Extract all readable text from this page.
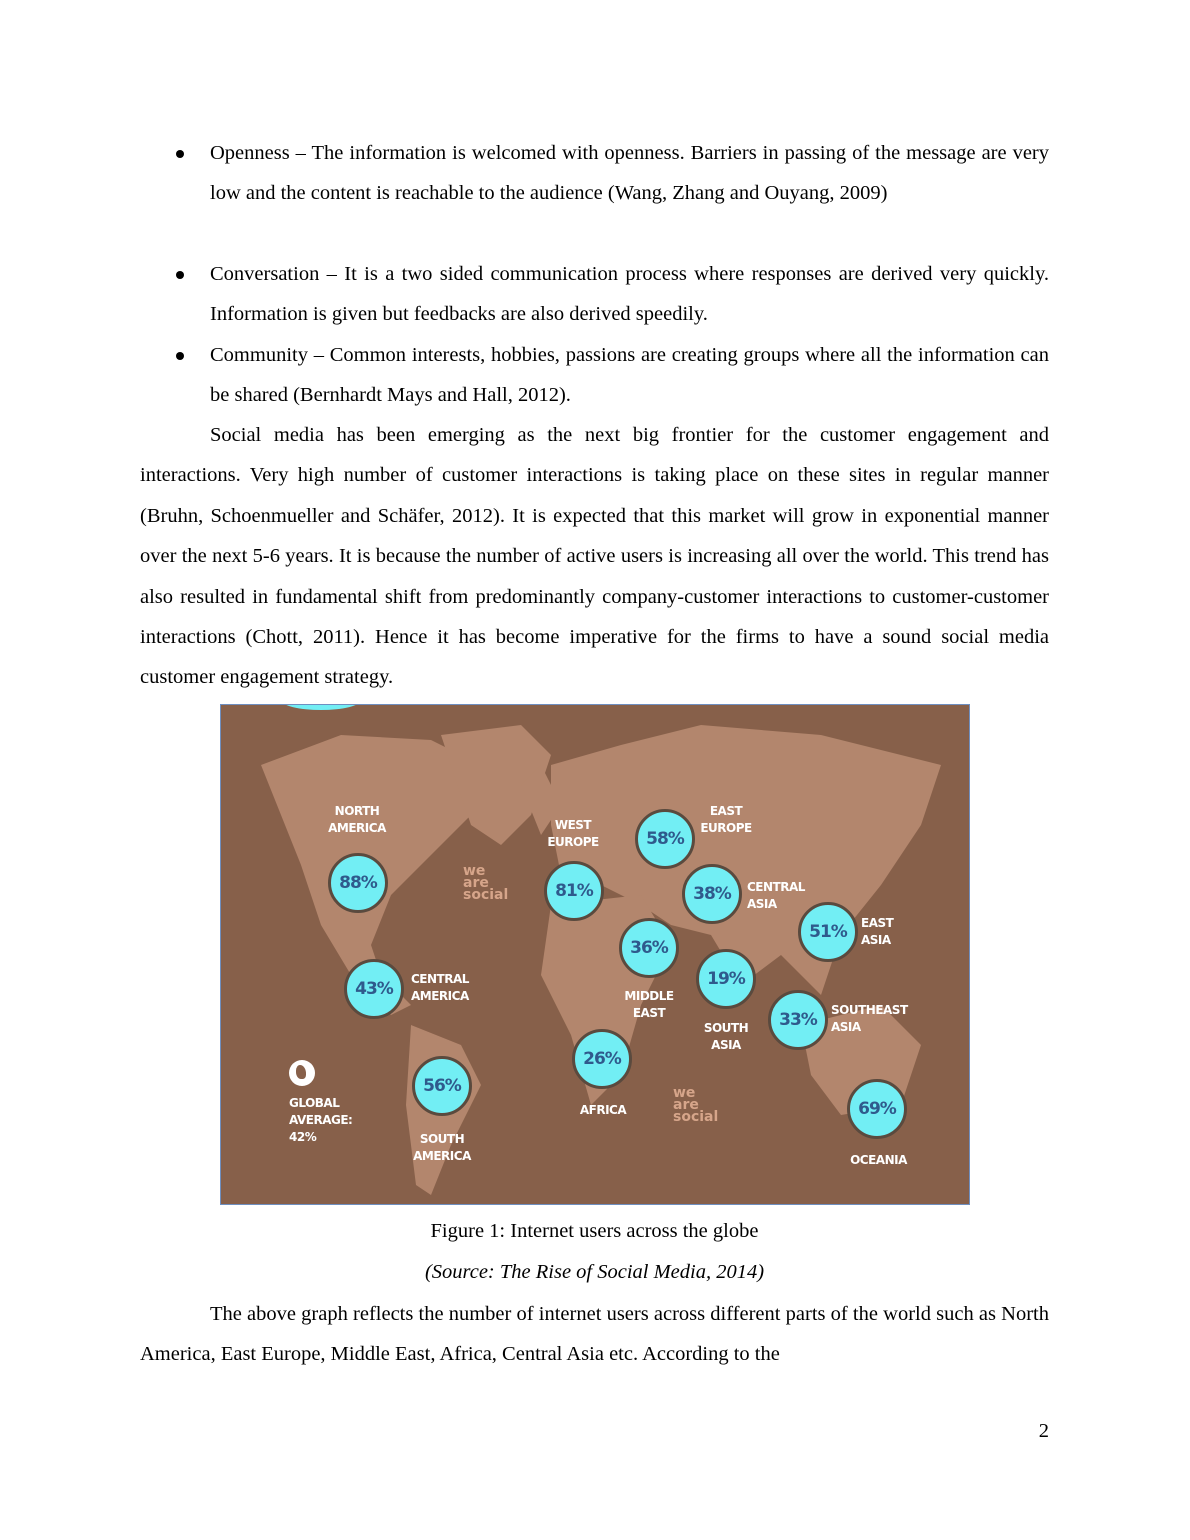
Openness – The information is welcomed with openness. Barriers in passing of the message are very low and the content is reachable to the audience (Wang, Zhang and Ouyang, 2009)
Conversation – It is a two sided communication process where responses are derived very quickly. Information is given but feedbacks are also derived speedily.
Community – Common interests, hobbies, passions are creating groups where all the information can be shared (Bernhardt Mays and Hall, 2012).
Social media has been emerging as the next big frontier for the customer engagement and interactions. Very high number of customer interactions is taking place on these sites in regular manner (Bruhn, Schoenmueller and Schäfer, 2012). It is expected that this market will grow in exponential manner over the next 5-6 years. It is because the number of active users is increasing all over the world. This trend has also resulted in fundamental shift from predominantly company-customer interactions to customer-customer interactions (Chott, 2011). Hence it has become imperative for the firms to have a sound social media customer engagement strategy.
88%
NORTH AMERICA
81%
WEST EUROPE	58%
EAST EUROPE
38%	CENTRAL ASIA
36%
MIDDLE EAST
19%
SOUTH ASIA
51%	EAST ASIA
33%	SOUTHEAST ASIA
43%	CENTRAL AMERICA
56%
SOUTH AMERICA
26%
AFRICA	69%
OCEANIA
GLOBAL AVERAGE: 42%
we are social
we are social
Figure 1: Internet users across the globe
(Source: The Rise of Social Media, 2014)
The above graph reflects the number of internet users across different parts of the world such as North America, East Europe, Middle East, Africa, Central Asia etc. According to the
2
